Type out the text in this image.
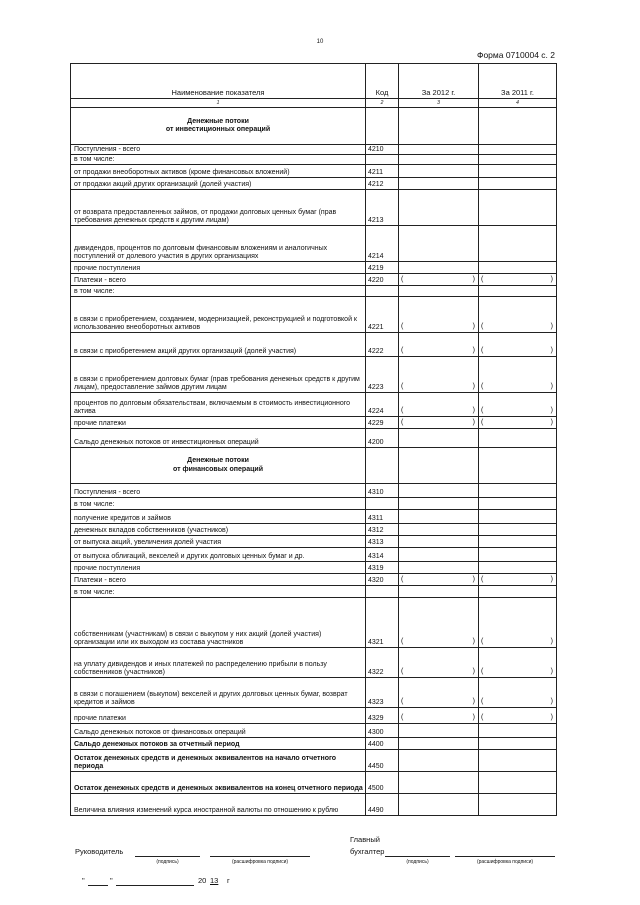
10
Форма 0710004 с. 2
Наименование показателя	Код	За 2012 г.	За 2011 г.
1	2	3	4
Денежные потоки
от инвестиционных операций			
Поступления - всего	4210		
в том числе:			
от продажи внеоборотных активов (кроме финансовых вложений)	4211		
от продажи акций других организаций (долей участия)	4212		
от возврата предоставленных займов, от продажи долговых ценных бумаг (прав требования денежных средств к другим лицам)	4213		
дивидендов, процентов по долговым финансовым вложениям и аналогичных поступлений от долевого участия в других организациях	4214		
прочие поступления	4219		
Платежи - всего	4220	( )	( )

в том числе:			
в связи с приобретением, созданием, модернизацией, реконструкцией и подготовкой к использованию внеоборотных активов	4221	( )	( )

в связи с приобретением акций других организаций (долей участия)	4222	( )	( )

в связи с приобретением долговых бумаг (прав требования денежных средств к другим лицам), предоставление займов другим лицам	4223	( )	( )

процентов по долговым обязательствам, включаемым в стоимость инвестиционного актива	4224	( )	( )

прочие платежи	4229	( )	( )

Сальдо денежных потоков от инвестиционных операций	4200		
Денежные потоки
от финансовых операций			
Поступления - всего	4310		
в том числе:			
получение кредитов и займов	4311		
денежных вкладов собственников (участников)	4312		
от выпуска акций, увеличения долей участия	4313		
от выпуска облигаций, векселей и других долговых ценных бумаг и др.	4314		
прочие поступления	4319		
Платежи - всего	4320	( )	( )

в том числе:			
собственникам (участникам) в связи с выкупом у них акций (долей участия) организации или их выходом из состава участников	4321	( )	( )

на уплату дивидендов и иных платежей по распределению прибыли в пользу собственников (участников)	4322	( )	( )

в связи с погашением (выкупом) векселей и других долговых ценных бумаг, возврат кредитов и займов	4323	( )	( )

прочие платежи	4329	( )	( )

Сальдо денежных потоков от финансовых операций	4300		
Сальдо денежных потоков за отчетный период	4400		
Остаток денежных средств и денежных эквивалентов на начало отчетного периода	4450		
Остаток денежных средств и денежных эквивалентов на конец отчетного периода	4500		
Величина влияния изменений курса иностранной валюты по отношению к рублю	4490		
Главный
бухгалтер
Руководитель
(подпись)	(расшифровка подписи)	(подпись)	(расшифровка подписи)
"	"	20 13 г
